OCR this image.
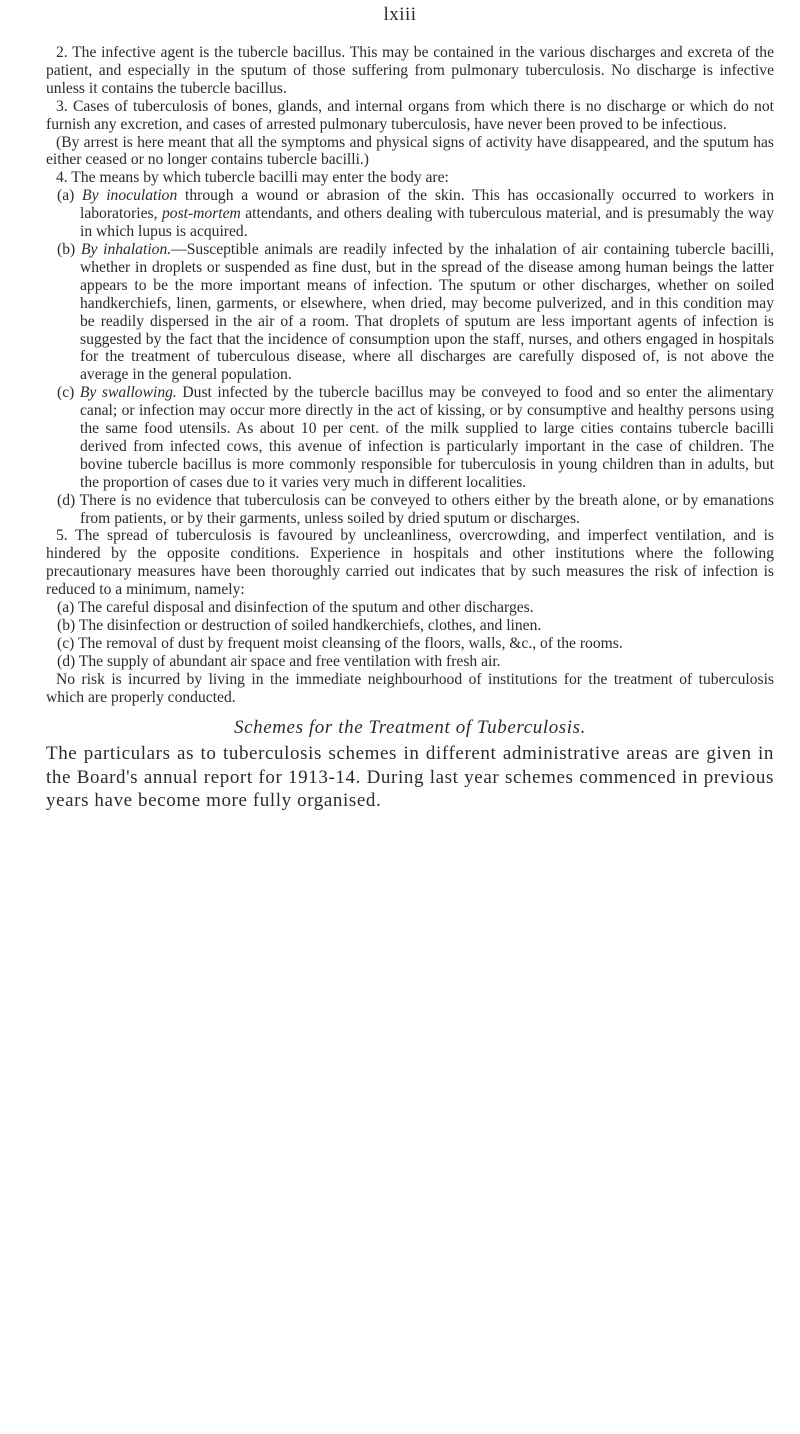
lxiii

2. The infective agent is the tubercle bacillus. This may be contained in the various discharges and excreta of the patient, and especially in the sputum of those suffering from pulmonary tuberculosis. No discharge is infective unless it contains the tubercle bacillus.

3. Cases of tuberculosis of bones, glands, and internal organs from which there is no discharge or which do not furnish any excretion, and cases of arrested pulmonary tuberculosis, have never been proved to be infectious.

(By arrest is here meant that all the symptoms and physical signs of activity have disappeared, and the sputum has either ceased or no longer contains tubercle bacilli.)

4. The means by which tubercle bacilli may enter the body are:

(a) By inoculation through a wound or abrasion of the skin. This has occasionally occurred to workers in laboratories, post-mortem attendants, and others dealing with tuberculous material, and is presumably the way in which lupus is acquired.

(b) By inhalation.—Susceptible animals are readily infected by the inhalation of air containing tubercle bacilli, whether in droplets or suspended as fine dust, but in the spread of the disease among human beings the latter appears to be the more important means of infection. The sputum or other discharges, whether on soiled handkerchiefs, linen, garments, or elsewhere, when dried, may become pulverized, and in this condition may be readily dispersed in the air of a room. That droplets of sputum are less important agents of infection is suggested by the fact that the incidence of consumption upon the staff, nurses, and others engaged in hospitals for the treatment of tuberculous disease, where all discharges are carefully disposed of, is not above the average in the general population.

(c) By swallowing. Dust infected by the tubercle bacillus may be conveyed to food and so enter the alimentary canal; or infection may occur more directly in the act of kissing, or by consumptive and healthy persons using the same food utensils. As about 10 per cent. of the milk supplied to large cities contains tubercle bacilli derived from infected cows, this avenue of infection is particularly important in the case of children. The bovine tubercle bacillus is more commonly responsible for tuberculosis in young children than in adults, but the proportion of cases due to it varies very much in different localities.

(d) There is no evidence that tuberculosis can be conveyed to others either by the breath alone, or by emanations from patients, or by their garments, unless soiled by dried sputum or discharges.

5. The spread of tuberculosis is favoured by uncleanliness, overcrowding, and imperfect ventilation, and is hindered by the opposite conditions. Experience in hospitals and other institutions where the following precautionary measures have been thoroughly carried out indicates that by such measures the risk of infection is reduced to a minimum, namely:

(a) The careful disposal and disinfection of the sputum and other discharges.

(b) The disinfection or destruction of soiled handkerchiefs, clothes, and linen.

(c) The removal of dust by frequent moist cleansing of the floors, walls, &c., of the rooms.

(d) The supply of abundant air space and free ventilation with fresh air.

No risk is incurred by living in the immediate neighbourhood of institutions for the treatment of tuberculosis which are properly conducted.

Schemes for the Treatment of Tuberculosis.

The particulars as to tuberculosis schemes in different administrative areas are given in the Board's annual report for 1913-14. During last year schemes commenced in previous years have become more fully organised.
